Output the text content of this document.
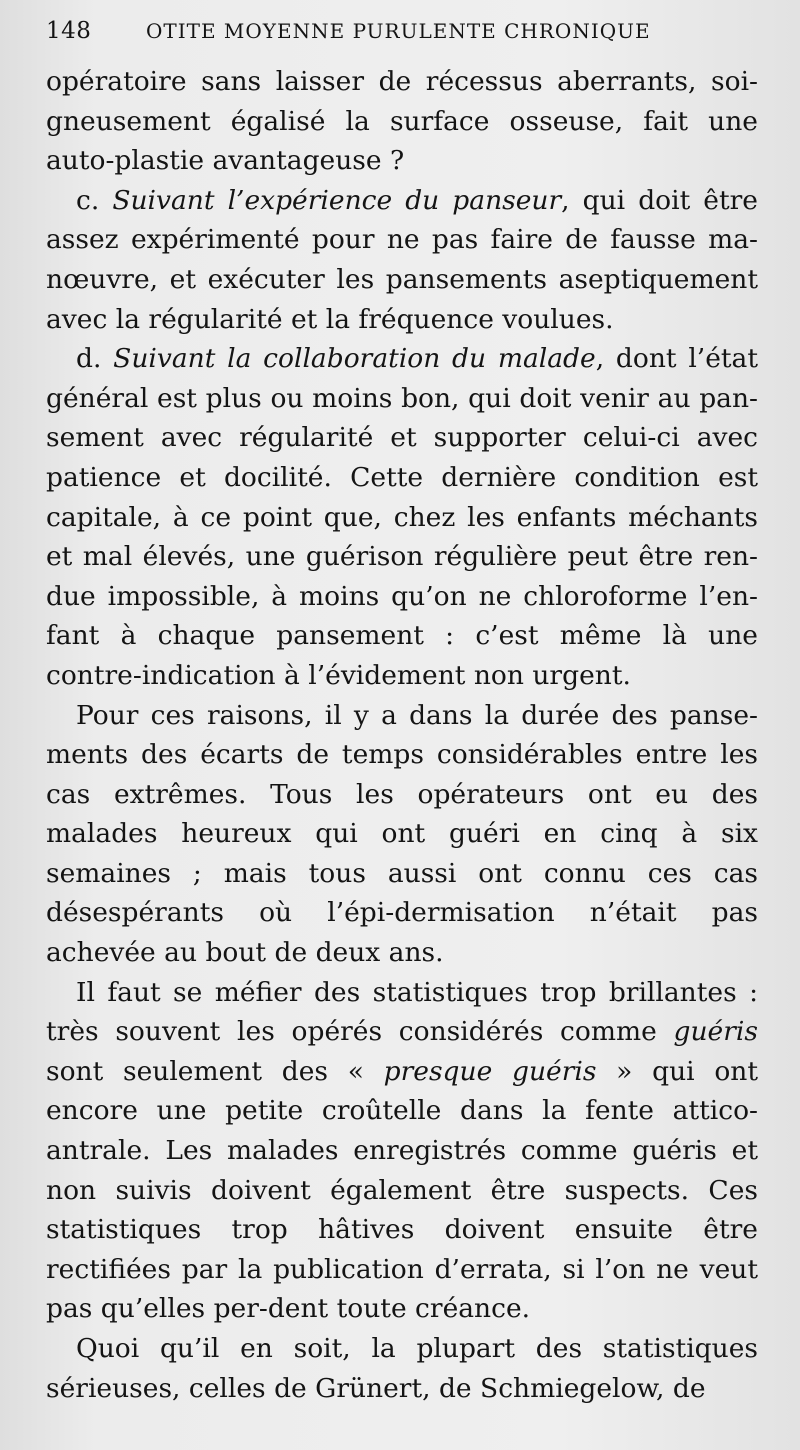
148	OTITE MOYENNE PURULENTE CHRONIQUE

opératoire sans laisser de récessus aberrants, soi-gneusement égalisé la surface osseuse, fait une auto-plastie avantageuse ?

c. Suivant l’expérience du panseur, qui doit être assez expérimenté pour ne pas faire de fausse ma-nœuvre, et exécuter les pansements aseptiquement avec la régularité et la fréquence voulues.

d. Suivant la collaboration du malade, dont l’état général est plus ou moins bon, qui doit venir au pan-sement avec régularité et supporter celui-ci avec patience et docilité. Cette dernière condition est capitale, à ce point que, chez les enfants méchants et mal élevés, une guérison régulière peut être ren-due impossible, à moins qu’on ne chloroforme l’en-fant à chaque pansement : c’est même là une contre-indication à l’évidement non urgent.

Pour ces raisons, il y a dans la durée des panse-ments des écarts de temps considérables entre les cas extrêmes. Tous les opérateurs ont eu des malades heureux qui ont guéri en cinq à six semaines ; mais tous aussi ont connu ces cas désespérants où l’épi-dermisation n’était pas achevée au bout de deux ans.

Il faut se méfier des statistiques trop brillantes : très souvent les opérés considérés comme guéris sont seulement des « presque guéris » qui ont encore une petite croûtelle dans la fente attico-antrale. Les malades enregistrés comme guéris et non suivis doivent également être suspects. Ces statistiques trop hâtives doivent ensuite être rectifiées par la publication d’errata, si l’on ne veut pas qu’elles per-dent toute créance.

Quoi qu’il en soit, la plupart des statistiques sérieuses, celles de Grünert, de Schmiegelow, de
